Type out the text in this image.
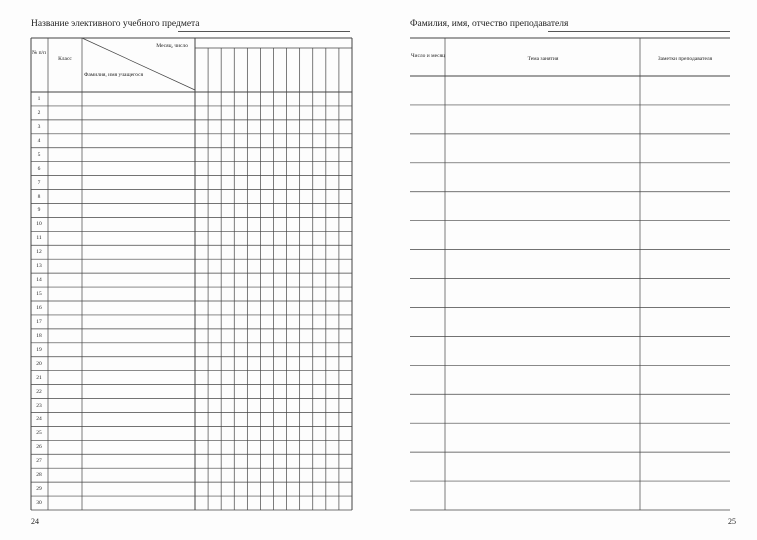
Название элективного учебного предмета
№ п/п
Класс
Месяц, число
Фамилия, имя учащегося
1
2
3
4
5
6
7
8
9
10
11
12
13
14
15
16
17
18
19
20
21
22
23
24
25
26
27
28
29
30
24
Фамилия, имя, отчество преподавателя
Число и месяц	Тема занятия	Заметки преподавателя
25
